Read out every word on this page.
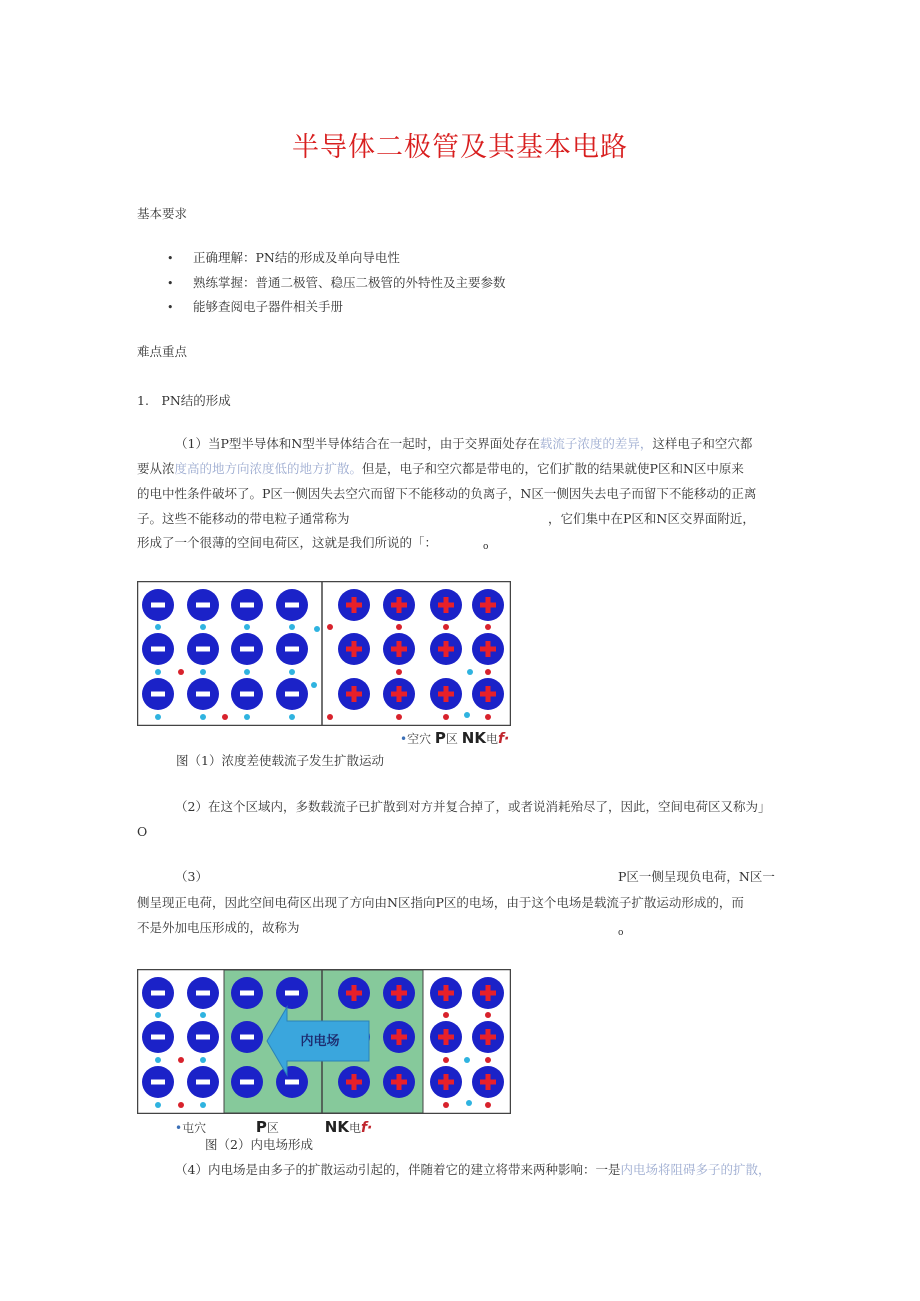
半导体二极管及其基本电路
基本要求
• 正确理解：PN结的形成及单向导电性
• 熟练掌握：普通二极管、稳压二极管的外特性及主要参数
• 能够查阅电子器件相关手册
难点重点
1.　PN结的形成
（1）当P型半导体和N型半导体结合在一起时，由于交界面处存在载流子浓度的差异，这样电子和空穴都
要从浓度高的地方向浓度低的地方扩散。但是，电子和空穴都是带电的，它们扩散的结果就使P区和N区中原来
的电中性条件破坏了。P区一侧因失去空穴而留下不能移动的负离子，N区一侧因失去电子而留下不能移动的正离
子。这些不能移动的带电粒子通常称为	，它们集中在P区和N区交界面附近，
形成了一个很薄的空间电荷区，这就是我们所说的「：	o
•空穴 P区 NK电f·
图（1）浓度差使载流子发生扩散运动
（2）在这个区域内，多数载流子已扩散到对方并复合掉了，或者说消耗殆尽了，因此，空间电荷区又称为」
O
（3）	P区一侧呈现负电荷，N区一
侧呈现正电荷，因此空间电荷区出现了方向由N区指向P区的电场，由于这个电场是载流子扩散运动形成的，而
不是外加电压形成的，故称为	o
内电场
•屯穴	P区	NK电f·
图（2）内电场形成
（4）内电场是由多子的扩散运动引起的，伴随着它的建立将带来两种影响：一是内电场将阻碍多子的扩散，
